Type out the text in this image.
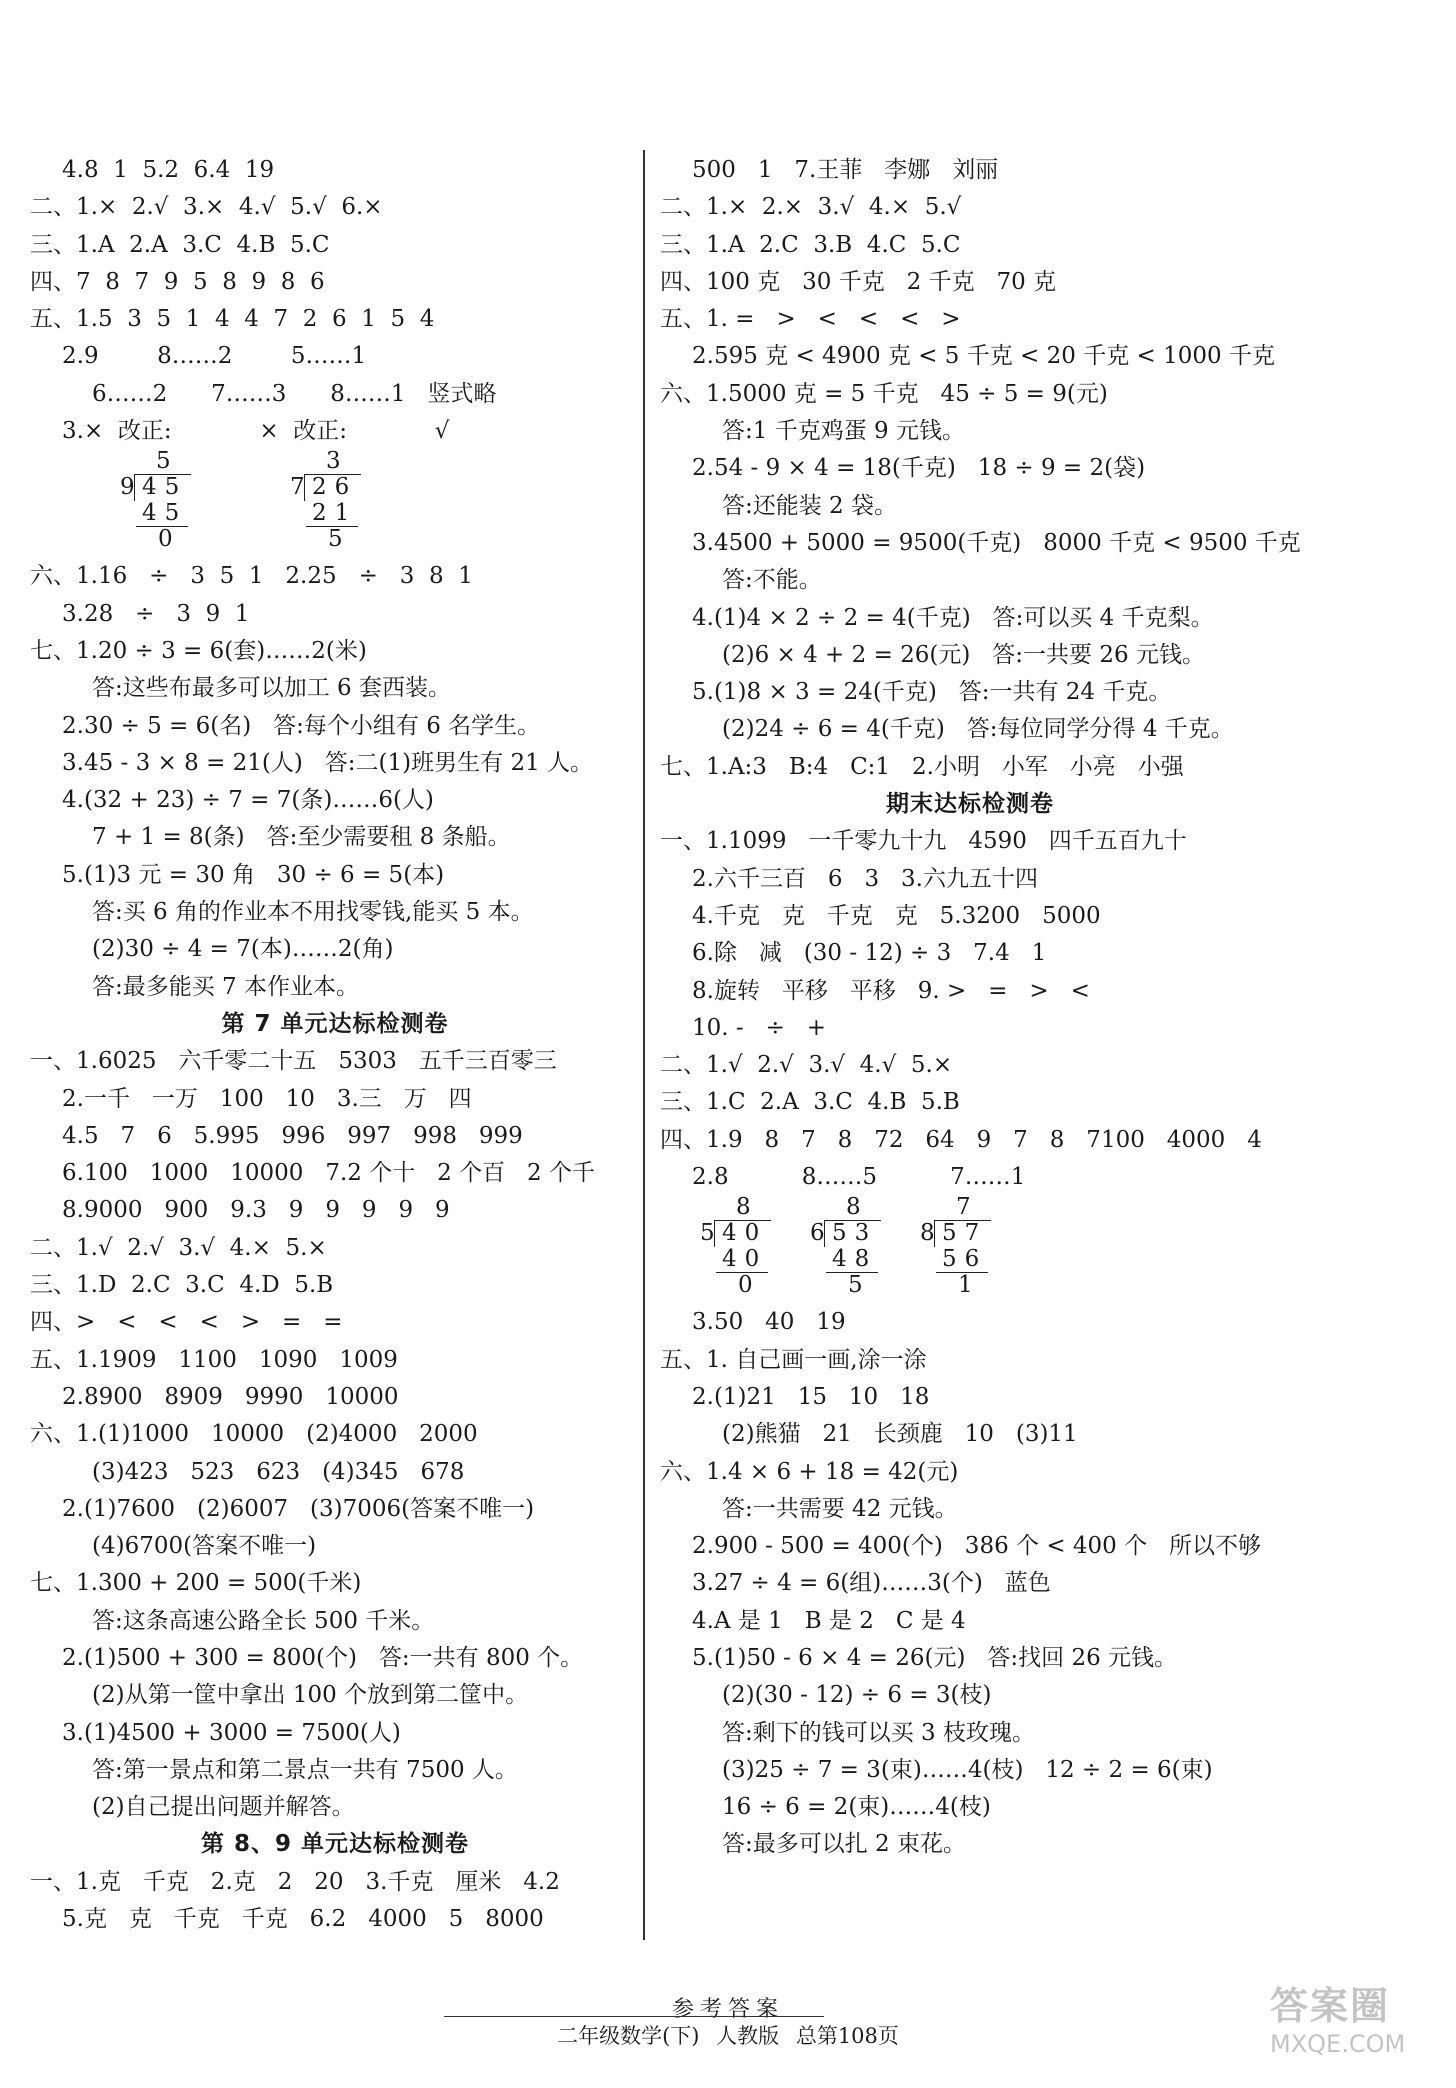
4.8  1  5.2  6.4  19
二、1.×  2.√  3.×  4.√  5.√  6.×
三、1.A  2.A  3.C  4.B  5.C
四、7  8  7  9  5  8  9  8  6
五、1.5  3  5  1  4  4  7  2  6  1  5  4
2.9        8……2        5……1
6……2      7……3      8……1   竖式略
3.×  改正:            ×  改正:            √
5
9 45
45
0
3
7 26
21
5
六、1.16   ÷   3  5  1   2.25   ÷   3  8  1
3.28   ÷   3  9  1
七、1.20 ÷ 3 = 6(套)……2(米)
答:这些布最多可以加工 6 套西装。
2.30 ÷ 5 = 6(名)   答:每个小组有 6 名学生。
3.45 - 3 × 8 = 21(人)   答:二(1)班男生有 21 人。
4.(32 + 23) ÷ 7 = 7(条)……6(人)
7 + 1 = 8(条)   答:至少需要租 8 条船。
5.(1)3 元 = 30 角   30 ÷ 6 = 5(本)
答:买 6 角的作业本不用找零钱,能买 5 本。
(2)30 ÷ 4 = 7(本)……2(角)
答:最多能买 7 本作业本。
第 7 单元达标检测卷
一、1.6025   六千零二十五   5303   五千三百零三
2.一千   一万   100   10   3.三   万   四
4.5   7   6   5.995   996   997   998   999
6.100   1000   10000   7.2 个十   2 个百   2 个千
8.9000   900   9.3   9   9   9   9   9
二、1.√  2.√  3.√  4.×  5.×
三、1.D  2.C  3.C  4.D  5.B
四、>   <   <   <   >   =   =
五、1.1909   1100   1090   1009
2.8900   8909   9990   10000
六、1.(1)1000   10000   (2)4000   2000
(3)423   523   623   (4)345   678
2.(1)7600   (2)6007   (3)7006(答案不唯一)
(4)6700(答案不唯一)
七、1.300 + 200 = 500(千米)
答:这条高速公路全长 500 千米。
2.(1)500 + 300 = 800(个)   答:一共有 800 个。
(2)从第一筐中拿出 100 个放到第二筐中。
3.(1)4500 + 3000 = 7500(人)
答:第一景点和第二景点一共有 7500 人。
(2)自己提出问题并解答。
第 8、9 单元达标检测卷
一、1.克   千克   2.克   2   20   3.千克   厘米   4.2
5.克   克   千克   千克   6.2   4000   5   8000
500   1   7.王菲   李娜   刘丽
二、1.×  2.×  3.√  4.×  5.√
三、1.A  2.C  3.B  4.C  5.C
四、100 克   30 千克   2 千克   70 克
五、1. =   >   <   <   <   >
2.595 克 < 4900 克 < 5 千克 < 20 千克 < 1000 千克
六、1.5000 克 = 5 千克   45 ÷ 5 = 9(元)
答:1 千克鸡蛋 9 元钱。
2.54 - 9 × 4 = 18(千克)   18 ÷ 9 = 2(袋)
答:还能装 2 袋。
3.4500 + 5000 = 9500(千克)   8000 千克 < 9500 千克
答:不能。
4.(1)4 × 2 ÷ 2 = 4(千克)   答:可以买 4 千克梨。
(2)6 × 4 + 2 = 26(元)   答:一共要 26 元钱。
5.(1)8 × 3 = 24(千克)   答:一共有 24 千克。
(2)24 ÷ 6 = 4(千克)   答:每位同学分得 4 千克。
七、1.A:3   B:4   C:1   2.小明   小军   小亮   小强
期末达标检测卷
一、1.1099   一千零九十九   4590   四千五百九十
2.六千三百   6   3   3.六九五十四
4.千克   克   千克   克   5.3200   5000
6.除   减   (30 - 12) ÷ 3   7.4   1
8.旋转   平移   平移   9. >   =   >   <
10. -   ÷   +
二、1.√  2.√  3.√  4.√  5.×
三、1.C  2.A  3.C  4.B  5.B
四、1.9   8   7   8   72   64   9   7   8   7100   4000   4
2.8          8……5          7……1
8
5 40
40
0
8
6 53
48
5
7
8 57
56
1
3.50   40   19
五、1. 自己画一画,涂一涂
2.(1)21   15   10   18
(2)熊猫   21   长颈鹿   10   (3)11
六、1.4 × 6 + 18 = 42(元)
答:一共需要 42 元钱。
2.900 - 500 = 400(个)   386 个 < 400 个   所以不够
3.27 ÷ 4 = 6(组)……3(个)   蓝色
4.A 是 1   B 是 2   C 是 4
5.(1)50 - 6 × 4 = 26(元)   答:找回 26 元钱。
(2)(30 - 12) ÷ 6 = 3(枝)
答:剩下的钱可以买 3 枝玫瑰。
(3)25 ÷ 7 = 3(束)……4(枝)   12 ÷ 2 = 6(束)
16 ÷ 6 = 2(束)……4(枝)
答:最多可以扎 2 束花。
参考答案
二年级数学(下) 人教版 总第108页
答案圈
MXQE.COM
